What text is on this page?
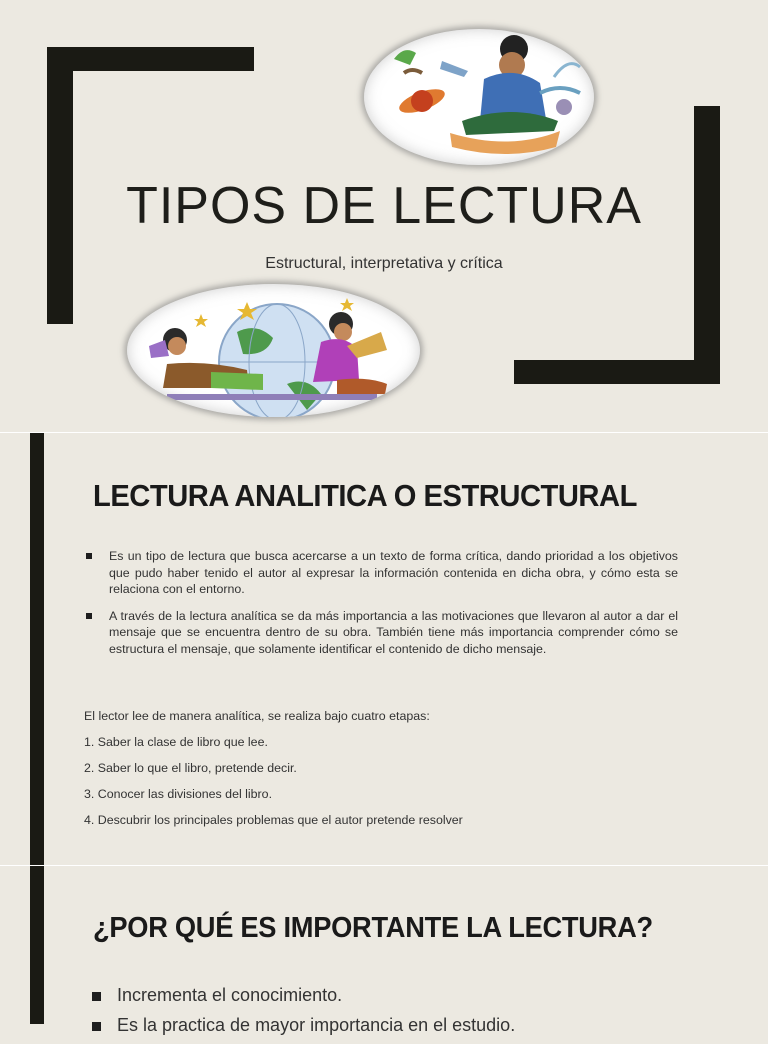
TIPOS DE LECTURA
Estructural, interpretativa y crítica
LECTURA ANALITICA O ESTRUCTURAL
Es un tipo de lectura que busca acercarse a un texto de forma crítica, dando prioridad a los objetivos que pudo haber tenido el autor al expresar la información contenida en dicha obra, y cómo esta se relaciona con el entorno.
A través de la lectura analítica se da más importancia a las motivaciones que llevaron al autor a dar el mensaje que se encuentra dentro de su obra. También tiene más importancia comprender cómo se estructura el mensaje, que solamente identificar el contenido de dicho mensaje.
El lector lee de manera analítica, se realiza bajo cuatro etapas:
1. Saber la clase de libro que lee.
2. Saber lo que el libro, pretende decir.
3. Conocer las divisiones del libro.
4. Descubrir los principales problemas que el autor pretende resolver
¿POR QUÉ ES IMPORTANTE LA LECTURA?
Incrementa el conocimiento.
Es la practica de mayor importancia en el estudio.
